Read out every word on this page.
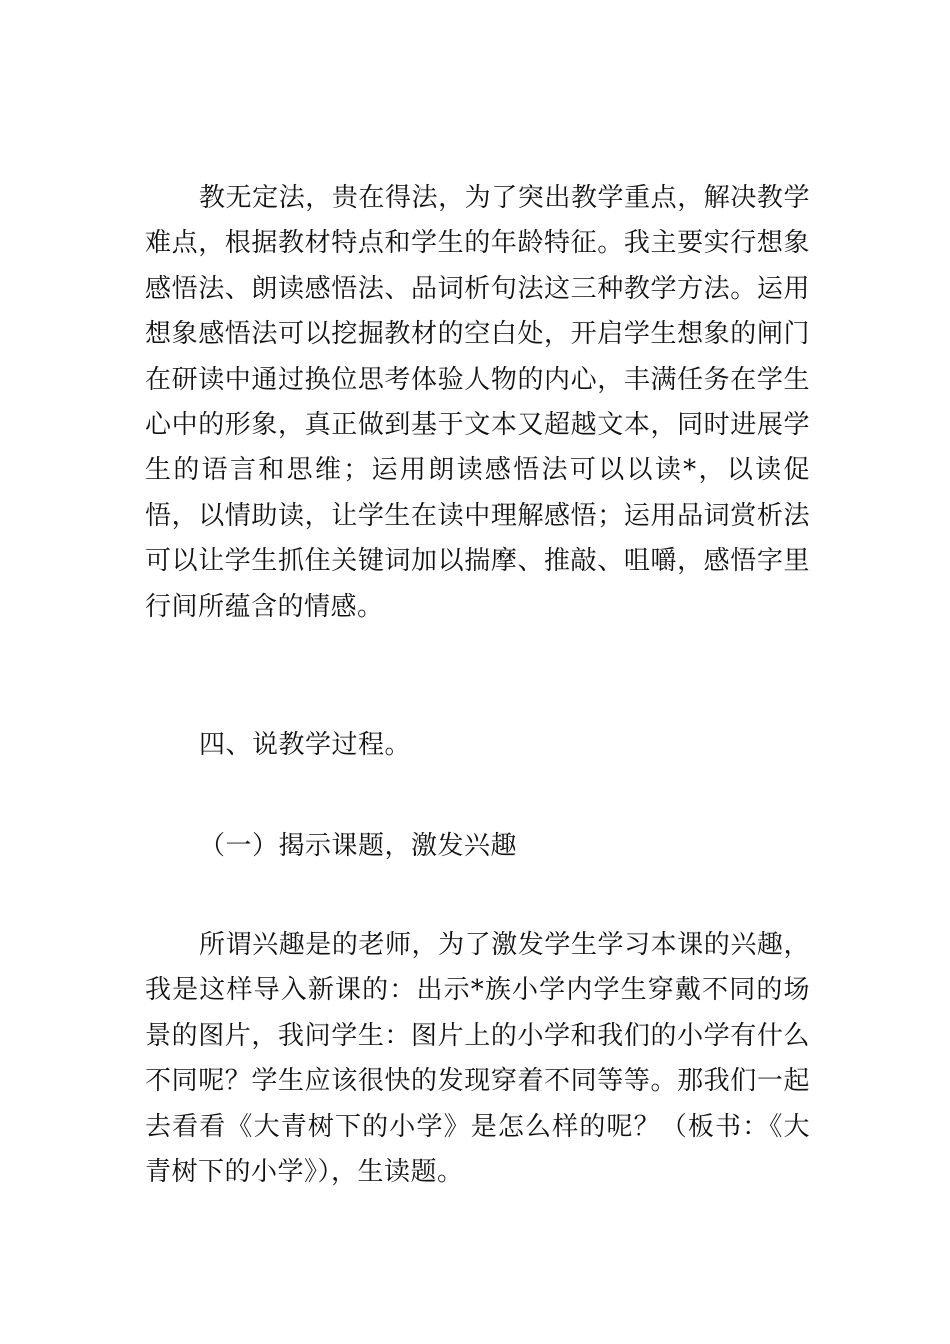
教无定法，贵在得法，为了突出教学重点，解决教学难点，根据教材特点和学生的年龄特征。我主要实行想象感悟法、朗读感悟法、品词析句法这三种教学方法。运用想象感悟法可以挖掘教材的空白处，开启学生想象的闸门在研读中通过换位思考体验人物的内心，丰满任务在学生心中的形象，真正做到基于文本又超越文本，同时进展学生的语言和思维；运用朗读感悟法可以以读*，以读促悟，以情助读，让学生在读中理解感悟；运用品词赏析法可以让学生抓住关键词加以揣摩、推敲、咀嚼，感悟字里行间所蕴含的情感。

四、说教学过程。
（一）揭示课题，激发兴趣

所谓兴趣是的老师，为了激发学生学习本课的兴趣，我是这样导入新课的：出示*族小学内学生穿戴不同的场景的图片，我问学生：图片上的小学和我们的小学有什么不同呢？学生应该很快的发现穿着不同等等。那我们一起去看看《大青树下的小学》是怎么样的呢？（板书：《大青树下的小学》），生读题。
